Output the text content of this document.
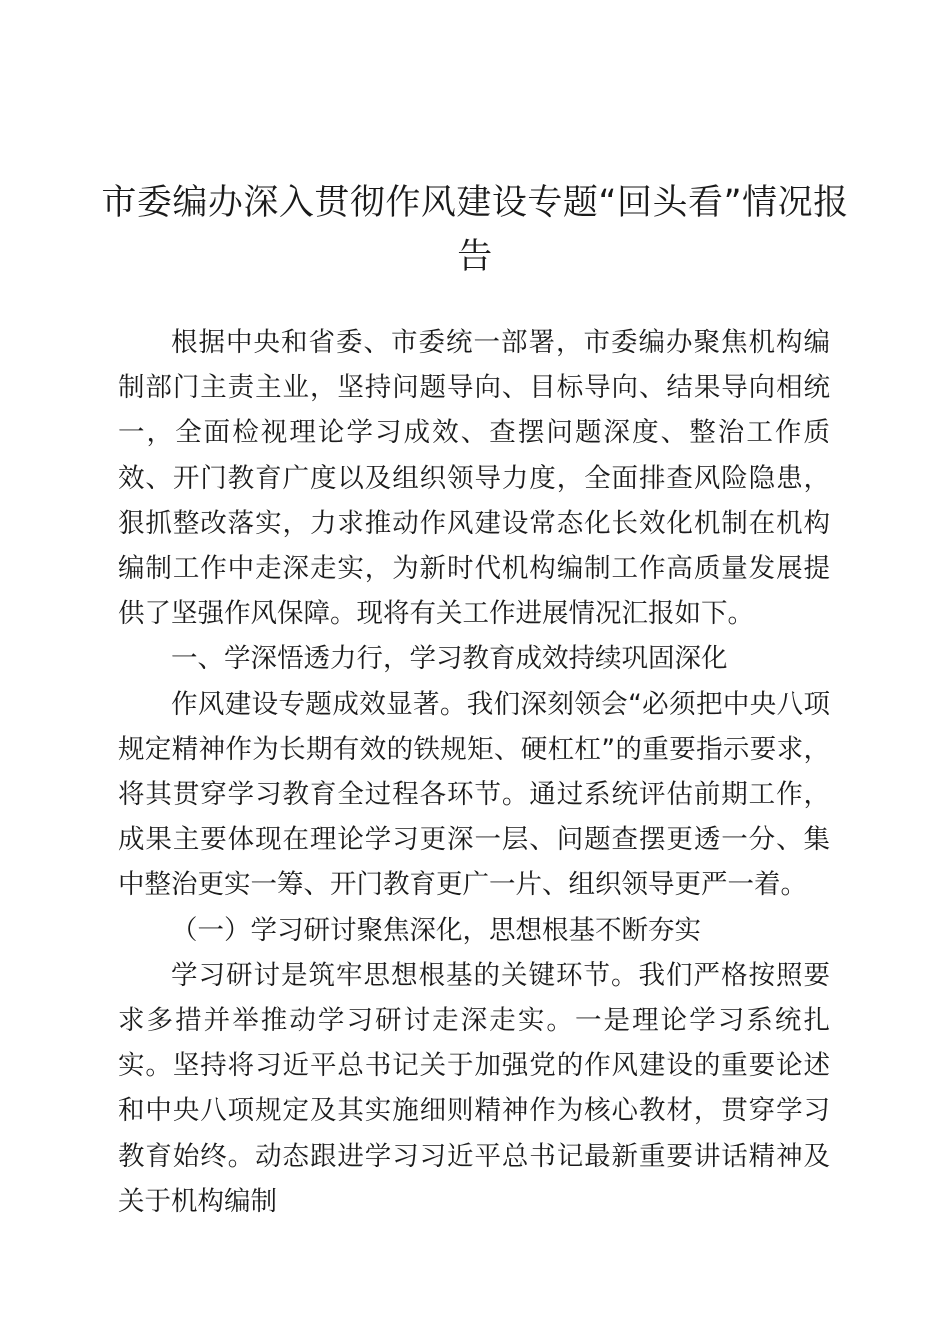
市委编办深入贯彻作风建设专题“回头看”情况报告

根据中央和省委、市委统一部署，市委编办聚焦机构编制部门主责主业，坚持问题导向、目标导向、结果导向相统一，全面检视理论学习成效、查摆问题深度、整治工作质效、开门教育广度以及组织领导力度，全面排查风险隐患，狠抓整改落实，力求推动作风建设常态化长效化机制在机构编制工作中走深走实，为新时代机构编制工作高质量发展提供了坚强作风保障。现将有关工作进展情况汇报如下。

一、学深悟透力行，学习教育成效持续巩固深化

作风建设专题成效显著。我们深刻领会“必须把中央八项规定精神作为长期有效的铁规矩、硬杠杠”的重要指示要求，将其贯穿学习教育全过程各环节。通过系统评估前期工作，成果主要体现在理论学习更深一层、问题查摆更透一分、集中整治更实一筹、开门教育更广一片、组织领导更严一着。

（一）学习研讨聚焦深化，思想根基不断夯实

学习研讨是筑牢思想根基的关键环节。我们严格按照要求多措并举推动学习研讨走深走实。一是理论学习系统扎实。坚持将习近平总书记关于加强党的作风建设的重要论述和中央八项规定及其实施细则精神作为核心教材，贯穿学习教育始终。动态跟进学习习近平总书记最新重要讲话精神及关于机构编制
